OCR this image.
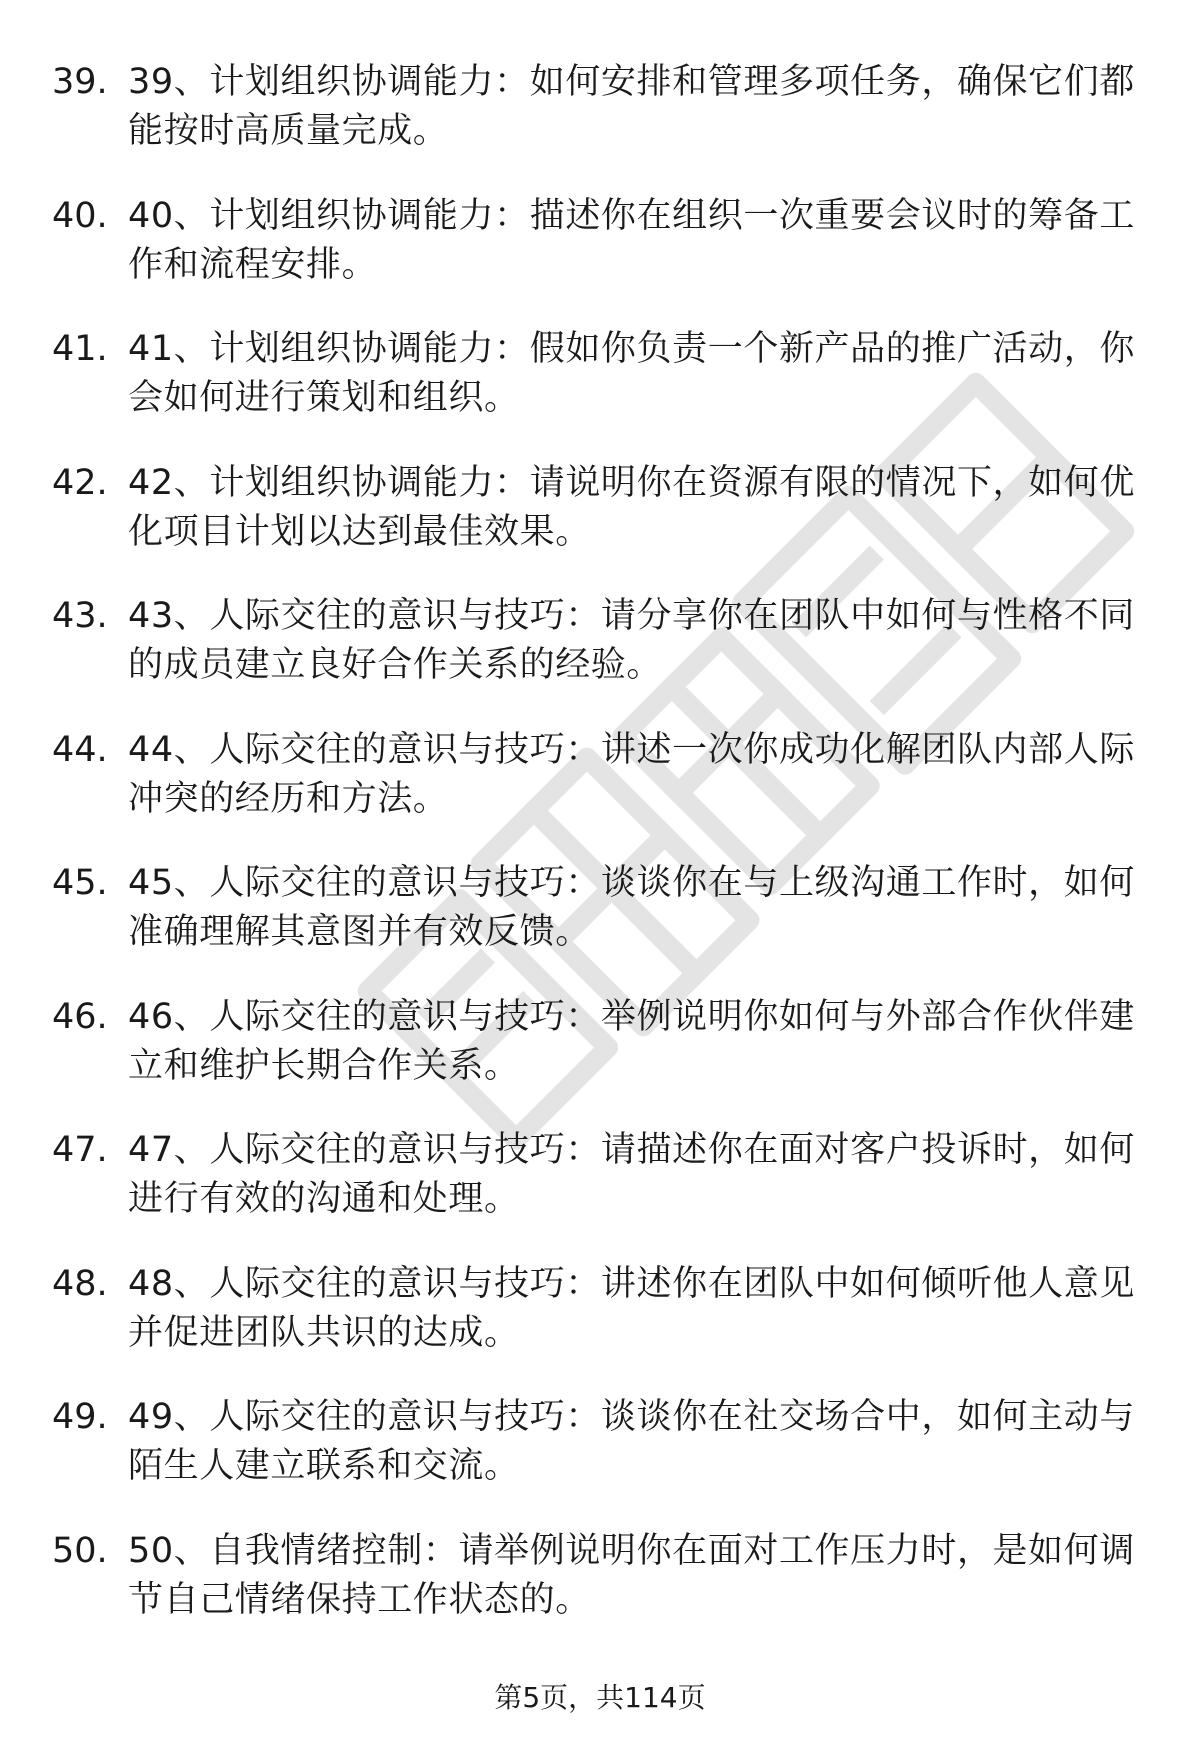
39. 39、计划组织协调能力：如何安排和管理多项任务，确保它们都能按时高质量完成。
40. 40、计划组织协调能力：描述你在组织一次重要会议时的筹备工作和流程安排。
41. 41、计划组织协调能力：假如你负责一个新产品的推广活动，你会如何进行策划和组织。
42. 42、计划组织协调能力：请说明你在资源有限的情况下，如何优化项目计划以达到最佳效果。
43. 43、人际交往的意识与技巧：请分享你在团队中如何与性格不同的成员建立良好合作关系的经验。
44. 44、人际交往的意识与技巧：讲述一次你成功化解团队内部人际冲突的经历和方法。
45. 45、人际交往的意识与技巧：谈谈你在与上级沟通工作时，如何准确理解其意图并有效反馈。
46. 46、人际交往的意识与技巧：举例说明你如何与外部合作伙伴建立和维护长期合作关系。
47. 47、人际交往的意识与技巧：请描述你在面对客户投诉时，如何进行有效的沟通和处理。
48. 48、人际交往的意识与技巧：讲述你在团队中如何倾听他人意见并促进团队共识的达成。
49. 49、人际交往的意识与技巧：谈谈你在社交场合中，如何主动与陌生人建立联系和交流。
50. 50、自我情绪控制：请举例说明你在面对工作压力时，是如何调节自己情绪保持工作状态的。
第5页，共114页
